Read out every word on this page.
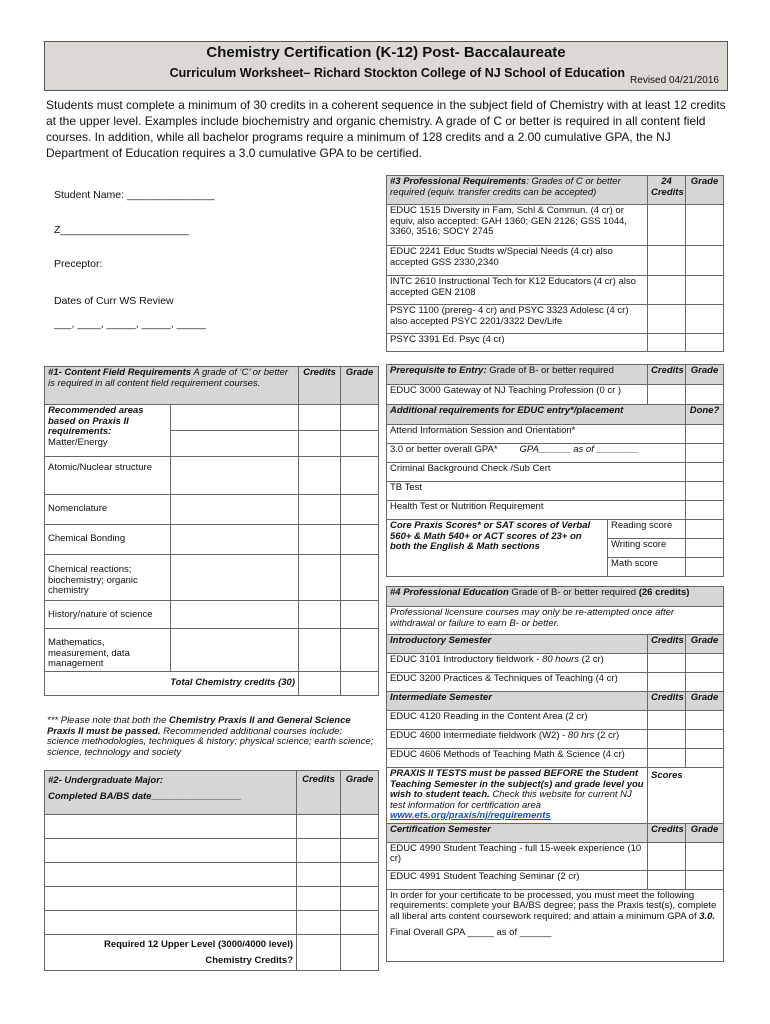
Chemistry Certification (K-12) Post- Baccalaureate
Curriculum Worksheet– Richard Stockton College of NJ School of Education
Revised 04/21/2016
Students must complete a minimum of 30 credits in a coherent sequence in the subject field of Chemistry with at least 12 credits at the upper level. Examples include biochemistry and organic chemistry. A grade of C or better is required in all content field courses. In addition, while all bachelor programs require a minimum of 128 credits and a 2.00 cumulative GPA, the NJ Department of Education requires a 3.0 cumulative GPA to be certified.
Student Name: _______________
Z______________________
Preceptor:
Dates of Curr WS Review
___, ____, _____, _____, _____
#3 Professional Requirements: Grades of C or better required (equiv. transfer credits can be accepted)	24 Credits	Grade
EDUC 1515 Diversity in Fam, Schl & Commun. (4 cr) or equiv, also accepted: GAH 1360; GEN 2126; GSS 1044, 3360, 3516; SOCY 2745		
EDUC 2241 Educ Studts w/Special Needs (4 cr) also accepted GSS 2330,2340		
INTC 2610 Instructional Tech for K12 Educators (4 cr) also accepted GEN 2108		
PSYC 1100 (prereg- 4 cr) and PSYC 3323 Adolesc (4 cr) also accepted PSYC 2201/3322 Dev/Life		
PSYC 3391 Ed. Psyc (4 cr)		
#1- Content Field Requirements A grade of ‘C’ or better is required in all content field requirement courses.		Credits	Grade

Recommended areas based on Praxis II requirements:
Matter/Energy			

Atomic/Nuclear structure			
Nomenclature			
Chemical Bonding			
Chemical reactions; biochemistry; organic chemistry			
History/nature of science			
Mathematics, measurement, data management			
Total Chemistry credits (30)			
*** Please note that both the Chemistry Praxis II and General Science Praxis II must be passed. Recommended additional courses include: science methodologies, techniques & history; physical science; earth science; science, technology and society
#2- Undergraduate Major:
Completed BA/BS date_________________	Credits	Grade

Required 12 Upper Level (3000/4000 level)
Chemistry Credits?		

Prerequisite to Entry: Grade of B- or better required		Credits	Grade
EDUC 3000 Gateway of NJ Teaching Profession (0 cr )			
Additional requirements for EDUC entry*/placement			Done?
Attend Information Session and Orientation*			
3.0 or better overall GPA* GPA______ as of ________			
Criminal Background Check /Sub Cert			
TB Test			
Health Test or Nutrition Requirement			
Core Praxis Scores* or SAT scores of Verbal 560+ & Math 540+ or ACT scores of 23+ on both the English & Math sections	Reading score		
	Writing score		
	Math score		
#4 Professional Education Grade of B- or better required (26 credits)		
Professional licensure courses may only be re-attempted once after withdrawal or failure to earn B- or better.		
Introductory Semester	Credits	Grade
EDUC 3101 Introductory fieldwork - 80 hours (2 cr)		
EDUC 3200 Practices & Techniques of Teaching (4 cr)		
Intermediate Semester	Credits	Grade
EDUC 4120 Reading in the Content Area (2 cr)		
EDUC 4600 Intermediate fieldwork (W2) - 80 hrs (2 cr)		
EDUC 4606 Methods of Teaching Math & Science (4 cr)		
PRAXIS II TESTS must be passed BEFORE the Student Teaching Semester in the subject(s) and grade level you wish to student teach. Check this website for current NJ test information for certification area www.ets.org/praxis/nj/requirements	Scores	
Certification Semester	Credits	Grade
EDUC 4990 Student Teaching - full 15-week experience (10 cr)		
EDUC 4991 Student Teaching Seminar (2 cr)		

In order for your certificate to be processed, you must meet the following requirements: complete your BA/BS degree; pass the Praxis test(s), complete all liberal arts content coursework required; and attain a minimum GPA of 3.0.
Final Overall GPA _____ as of ______		
